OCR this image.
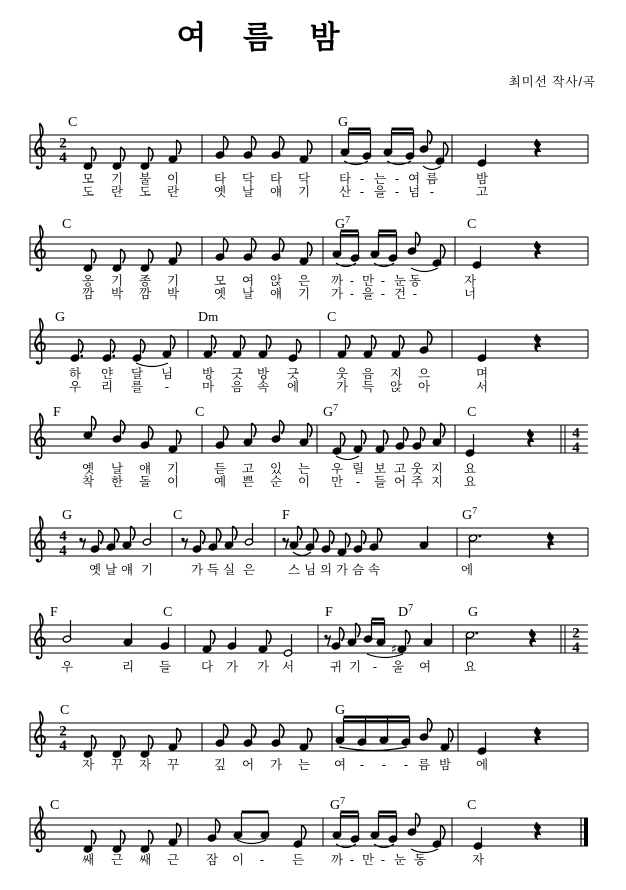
여 름 밤
최미선 작사/곡
2
4
C	G
모 기 불 이	타 닥 타 닥 타 - 는 - 여 름	밤
도 란 도 란	옛 날 얘 기 산 - 을 - 넘 -	고
C	$G^7$	C
옹 기 종 기	모 여 앉 은 까 - 만 - 눈 동	자
깜 박 깜 박	옛 날 얘 기 가 - 을 - 건 -	너
G	Dm	C
하 얀 달 님 방 긋 방 긋	웃 음 지 으	며
우 리 를 -	마 음 속 에	가 득 앉 아	서
4
4
F	C	$G^7$	C
옛 날 얘 기	듣 고 있 는 우 릴 보 고 웃 지 요
착 한 돌 이	예 쁜 순 이 만 - 들 어 주 지 요
4
4
G	C	F	$G^7$
옛 날 얘 기	가 득 실 은	스 님 의 가 슴 속	에
2
4
F	C	F	$D^7$	G
♯
우	리 들 다 가 가 서	귀 기 - 울 여	요
2
4
C	G
자 꾸 자 꾸	깊 어 가 는 여 - - - 름 밤 에
C	$G^7$	C
쌔 근 쌔 근 잠 이 - 든 까 - 만 - 눈 동	자
